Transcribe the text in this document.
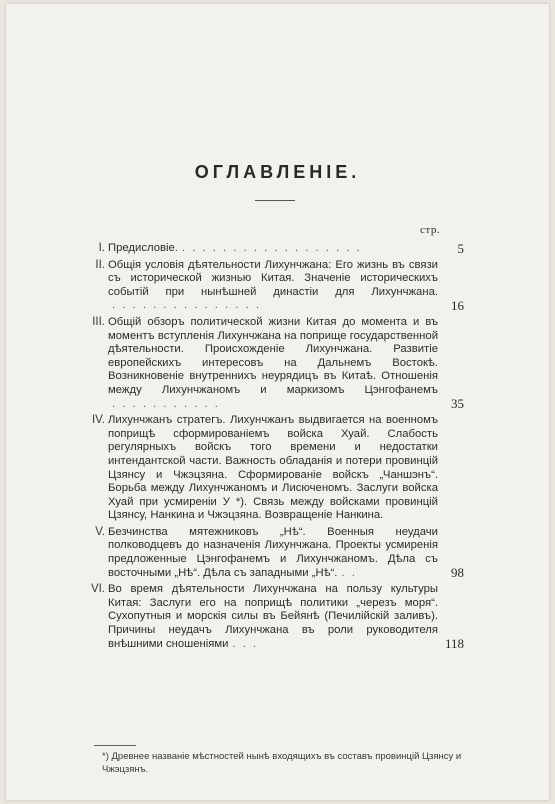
ОГЛАВЛЕНІЕ.
стр.
I. Предисловіе. . . . . . . . . . . . . . . . . . .	5
II. Общія условія дѣятельности Лихунчжана: Его жизнь въ связи съ исторической жизнью Китая. Значеніе историческихъ событій при нынѣшней династіи для Лихунчжана.. . . . . . . . . . . . . . .	16
III. Общій обзоръ политической жизни Китая до момента и въ моментъ вступленія Лихунчжана на поприще государственной дѣятельности. Происхожденіе Лихунчжана. Развитіе европейскихъ интересовъ на Дальнемъ Востокѣ. Возникновеніе внутреннихъ неурядицъ въ Китаѣ. Отношенія между Лихунчжаномъ и маркизомъ Цэнгофанемъ. . . . . . . . . . .	35
IV. Лихунчжанъ стратегъ. Лихунчжанъ выдвигается на военномъ поприщѣ сформированіемъ войска Хуай. Слабость регулярныхъ войскъ того времени и недостатки интендантской части. Важность обладанія и потери провинцій Цзянсу и Чжэцзяна. Сформированіе войскъ „Чаншэнъ“. Борьба между Лихунчжаномъ и Лисюченомъ. Заслуги войска Хуай при усмиреніи У *). Связь между войсками провинцій Цзянсу, Нанкина и Чжэцзяна. Возвращеніе Нанкина.
V. Безчинства мятежниковъ „Нѣ“. Военныя неудачи полководцевъ до назначенія Лихунчжана. Проекты усмиренія предложенные Цэнгофанемъ и Лихунчжаномъ. Дѣла съ восточными „Нѣ“. Дѣла съ западными „Нѣ“. . .	98
VI. Во время дѣятельности Лихунчжана на пользу культуры Китая: Заслуги его на поприщѣ политики „черезъ моря“. Сухопутныя и морскія силы въ Бейянѣ (Печилійскій заливъ). Причины неудачъ Лихунчжана въ роли руководителя внѣшними сношеніями . . .	118
*) Древнее названіе мѣстностей нынѣ входящихъ въ составъ провинцій Цзянсу и Чжэцзянъ.
